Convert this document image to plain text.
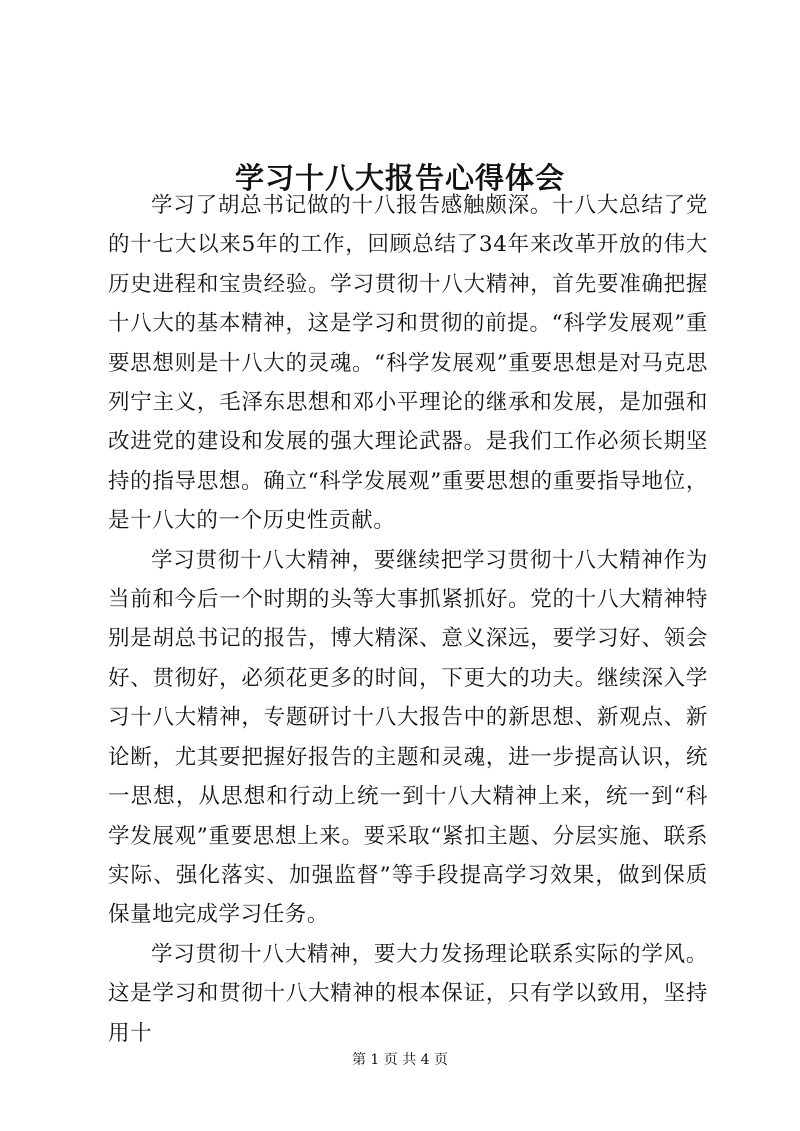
学习十八大报告心得体会

学习了胡总书记做的十八报告感触颇深。十八大总结了党的十七大以来5年的工作，回顾总结了34年来改革开放的伟大历史进程和宝贵经验。学习贯彻十八大精神，首先要准确把握十八大的基本精神，这是学习和贯彻的前提。“科学发展观”重要思想则是十八大的灵魂。“科学发展观”重要思想是对马克思列宁主义，毛泽东思想和邓小平理论的继承和发展，是加强和改进党的建设和发展的强大理论武器。是我们工作必须长期坚持的指导思想。确立“科学发展观”重要思想的重要指导地位，是十八大的一个历史性贡献。

学习贯彻十八大精神，要继续把学习贯彻十八大精神作为当前和今后一个时期的头等大事抓紧抓好。党的十八大精神特别是胡总书记的报告，博大精深、意义深远，要学习好、领会好、贯彻好，必须花更多的时间，下更大的功夫。继续深入学习十八大精神，专题研讨十八大报告中的新思想、新观点、新论断，尤其要把握好报告的主题和灵魂，进一步提高认识，统一思想，从思想和行动上统一到十八大精神上来，统一到“科学发展观”重要思想上来。要采取“紧扣主题、分层实施、联系实际、强化落实、加强监督”等手段提高学习效果，做到保质保量地完成学习任务。

学习贯彻十八大精神，要大力发扬理论联系实际的学风。这是学习和贯彻十八大精神的根本保证，只有学以致用，坚持用十

第 1 页 共 4 页
